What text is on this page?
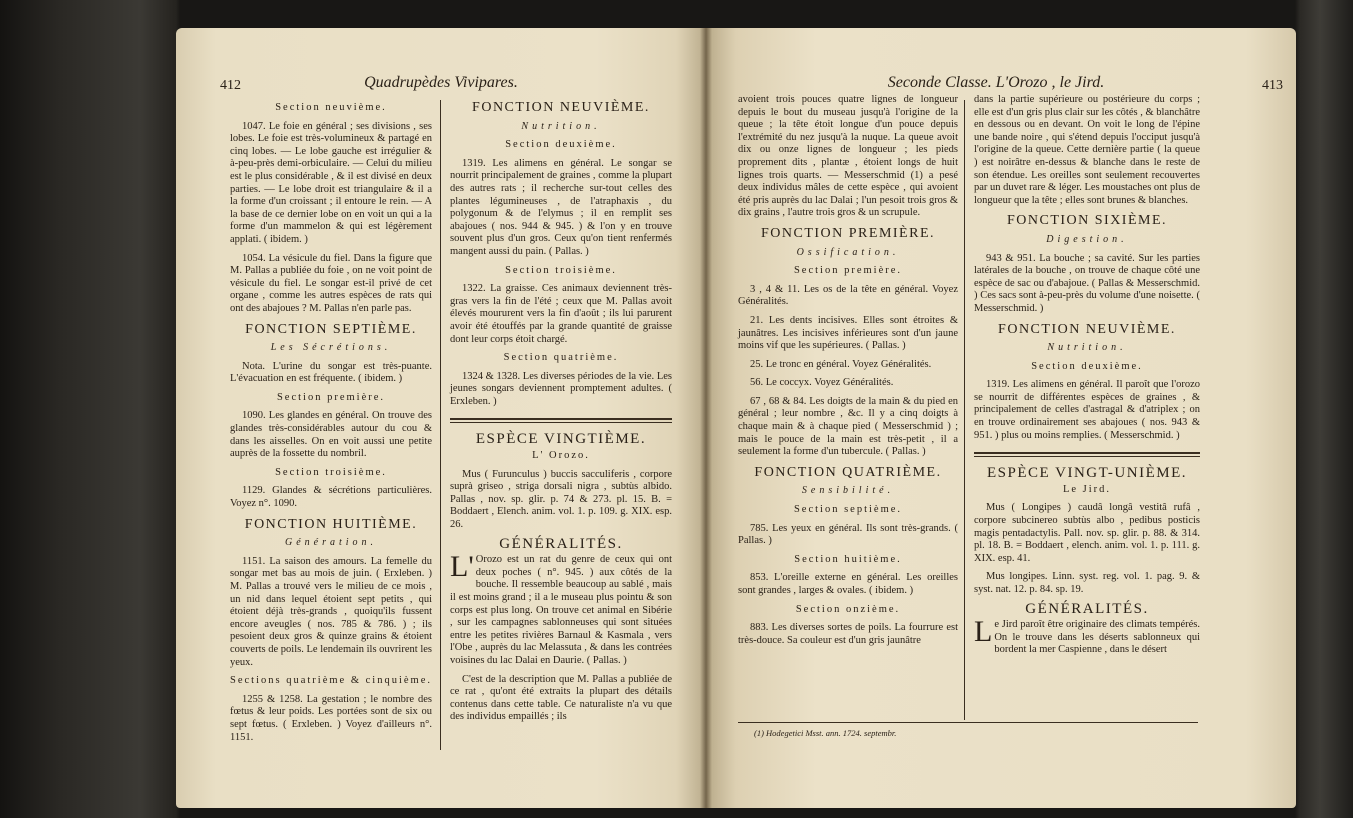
412	Quadrupèdes Vivipares.
Section neuvième.
1047. Le foie en général ; ses divisions , ses lobes. Le foie est très-volumineux & partagé en cinq lobes. — Le lobe gauche est irrégulier & à-peu-près demi-orbiculaire. — Celui du milieu est le plus considérable , & il est divisé en deux parties. — Le lobe droit est triangulaire & il a la forme d'un croissant ; il entoure le rein. — A la base de ce dernier lobe on en voit un qui a la forme d'un mammelon & qui est légèrement applati. ( ibidem. )
1054. La vésicule du fiel. Dans la figure que M. Pallas a publiée du foie , on ne voit point de vésicule du fiel. Le songar est-il privé de cet organe , comme les autres espèces de rats qui ont des abajoues ? M. Pallas n'en parle pas.
FONCTION SEPTIÈME.
Les Sécrétions.
Nota. L'urine du songar est très-puante. L'évacuation en est fréquente. ( ibidem. )
Section première.
1090. Les glandes en général. On trouve des glandes très-considérables autour du cou & dans les aisselles. On en voit aussi une petite auprès de la fossette du nombril.
Section troisième.
1129. Glandes & sécrétions particulières. Voyez n°. 1090.
FONCTION HUITIÈME.
Génération.
1151. La saison des amours. La femelle du songar met bas au mois de juin. ( Erxleben. ) M. Pallas a trouvé vers le milieu de ce mois , un nid dans lequel étoient sept petits , qui étoient déjà très-grands , quoiqu'ils fussent encore aveugles ( nos. 785 & 786. ) ; ils pesoient deux gros & quinze grains & étoient couverts de poils. Le lendemain ils ouvrirent les yeux.
Sections quatrième & cinquième.
1255 & 1258. La gestation ; le nombre des fœtus & leur poids. Les portées sont de six ou sept fœtus. ( Erxleben. ) Voyez d'ailleurs n°. 1151.
FONCTION NEUVIÈME.
Nutrition.
Section deuxième.
1319. Les alimens en général. Le songar se nourrit principalement de graines , comme la plupart des autres rats ; il recherche sur-tout celles des plantes légumineuses , de l'atraphaxis , du polygonum & de l'elymus ; il en remplit ses abajoues ( nos. 944 & 945. ) & l'on y en trouve souvent plus d'un gros. Ceux qu'on tient renfermés mangent aussi du pain. ( Pallas. )
Section troisième.
1322. La graisse. Ces animaux deviennent très-gras vers la fin de l'été ; ceux que M. Pallas avoit élevés moururent vers la fin d'août ; ils lui parurent avoir été étouffés par la grande quantité de graisse dont leur corps étoit chargé.
Section quatrième.
1324 & 1328. Les diverses périodes de la vie. Les jeunes songars deviennent promptement adultes. ( Erxleben. )
ESPÈCE VINGTIÈME.
L' Orozo.
Mus ( Furunculus ) buccis sacculiferis , corpore suprà griseo , striga dorsali nigra , subtùs albido. Pallas , nov. sp. glir. p. 74 & 273. pl. 15. B. = Boddaert , Elench. anim. vol. 1. p. 109. g. XIX. esp. 26.
GÉNÉRALITÉS.
L'Orozo est un rat du genre de ceux qui ont deux poches ( n°. 945. ) aux côtés de la bouche. Il ressemble beaucoup au sablé , mais il est moins grand ; il a le museau plus pointu & son corps est plus long. On trouve cet animal en Sibérie , sur les campagnes sablonneuses qui sont situées entre les petites rivières Barnaul & Kasmala , vers l'Obe , auprès du lac Melassuta , & dans les contrées voisines du lac Dalai en Daurie. ( Pallas. )
C'est de la description que M. Pallas a publiée de ce rat , qu'ont été extraits la plupart des détails contenus dans cette table. Ce naturaliste n'a vu que des individus empaillés ; ils
Seconde Classe. L'Orozo , le Jird.	413
avoient trois pouces quatre lignes de longueur depuis le bout du museau jusqu'à l'origine de la queue ; la tête étoit longue d'un pouce depuis l'extrémité du nez jusqu'à la nuque. La queue avoit dix ou onze lignes de longueur ; les pieds proprement dits , plantæ , étoient longs de huit lignes trois quarts. — Messerschmid (1) a pesé deux individus mâles de cette espèce , qui avoient été pris auprès du lac Dalai ; l'un pesoit trois gros & dix grains , l'autre trois gros & un scrupule.
FONCTION PREMIÈRE.
Ossification.
Section première.
3 , 4 & 11. Les os de la tête en général. Voyez Généralités.
21. Les dents incisives. Elles sont étroites & jaunâtres. Les incisives inférieures sont d'un jaune moins vif que les supérieures. ( Pallas. )
25. Le tronc en général. Voyez Généralités.
56. Le coccyx. Voyez Généralités.
67 , 68 & 84. Les doigts de la main & du pied en général ; leur nombre , &c. Il y a cinq doigts à chaque main & à chaque pied ( Messerschmid ) ; mais le pouce de la main est très-petit , il a seulement la forme d'un tubercule. ( Pallas. )
FONCTION QUATRIÈME.
Sensibilité.
Section septième.
785. Les yeux en général. Ils sont très-grands. ( Pallas. )
Section huitième.
853. L'oreille externe en général. Les oreilles sont grandes , larges & ovales. ( ibidem. )
Section onzième.
883. Les diverses sortes de poils. La fourrure est très-douce. Sa couleur est d'un gris jaunâtre
dans la partie supérieure ou postérieure du corps ; elle est d'un gris plus clair sur les côtés , & blanchâtre en dessous ou en devant. On voit le long de l'épine une bande noire , qui s'étend depuis l'occiput jusqu'à l'origine de la queue. Cette dernière partie ( la queue ) est noirâtre en-dessus & blanche dans le reste de son étendue. Les oreilles sont seulement recouvertes par un duvet rare & léger. Les moustaches ont plus de longueur que la tête ; elles sont brunes & blanches.
FONCTION SIXIÈME.
Digestion.
943 & 951. La bouche ; sa cavité. Sur les parties latérales de la bouche , on trouve de chaque côté une espèce de sac ou d'abajoue. ( Pallas & Messerschmid. ) Ces sacs sont à-peu-près du volume d'une noisette. ( Messerschmid. )
FONCTION NEUVIÈME.
Nutrition.
Section deuxième.
1319. Les alimens en général. Il paroît que l'orozo se nourrit de différentes espèces de graines , & principalement de celles d'astragal & d'atriplex ; on en trouve ordinairement ses abajoues ( nos. 943 & 951. ) plus ou moins remplies. ( Messerschmid. )
ESPÈCE VINGT-UNIÈME.
Le Jird.
Mus ( Longipes ) caudâ longâ vestitâ rufâ , corpore subcinereo subtùs albo , pedibus posticis magis pentadactylis. Pall. nov. sp. glir. p. 88. & 314. pl. 18. B. = Boddaert , elench. anim. vol. 1. p. 111. g. XIX. esp. 41.
Mus longipes. Linn. syst. reg. vol. 1. pag. 9. & syst. nat. 12. p. 84. sp. 19.
GÉNÉRALITÉS.
Le Jird paroît être originaire des climats tempérés. On le trouve dans les déserts sablonneux qui bordent la mer Caspienne , dans le désert
(1) Hodegetici Msst. ann. 1724. septembr.
